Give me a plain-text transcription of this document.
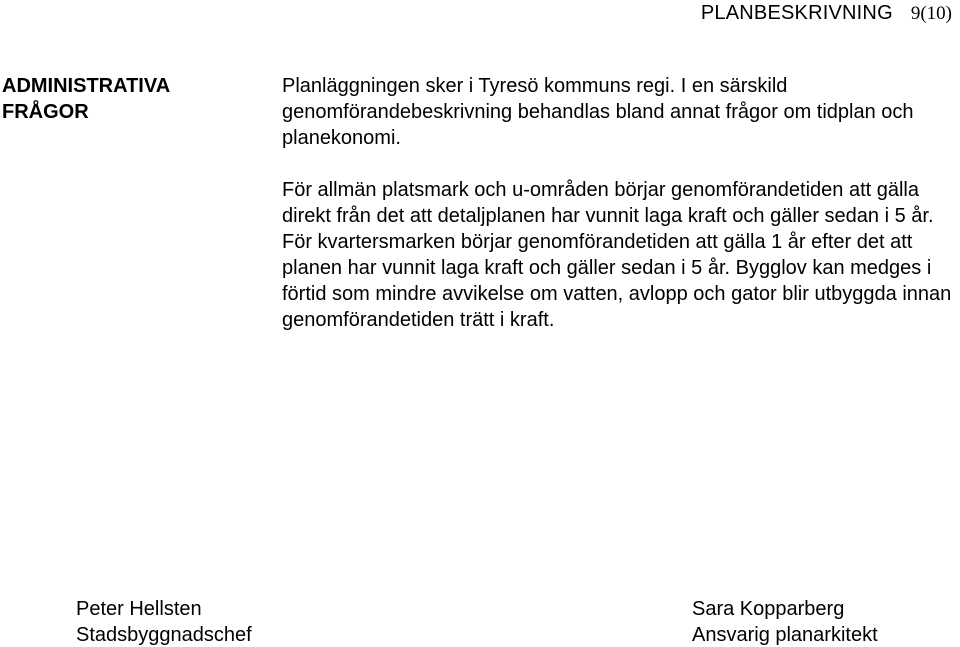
PLANBESKRIVNING 9(10)
ADMINISTRATIVA
FRÅGOR

Planläggningen sker i Tyresö kommuns regi. I en särskild genomförandebeskrivning behandlas bland annat frågor om tidplan och planekonomi.

För allmän platsmark och u-områden börjar genomförandetiden att gälla direkt från det att detaljplanen har vunnit laga kraft och gäller sedan i 5 år. För kvartersmarken börjar genomförandetiden att gälla 1 år efter det att planen har vunnit laga kraft och gäller sedan i 5 år. Bygglov kan medges i förtid som mindre avvikelse om vatten, avlopp och gator blir utbyggda innan genomförandetiden trätt i kraft.

Peter Hellsten
Stadsbyggnadschef
Sara Kopparberg
Ansvarig planarkitekt
